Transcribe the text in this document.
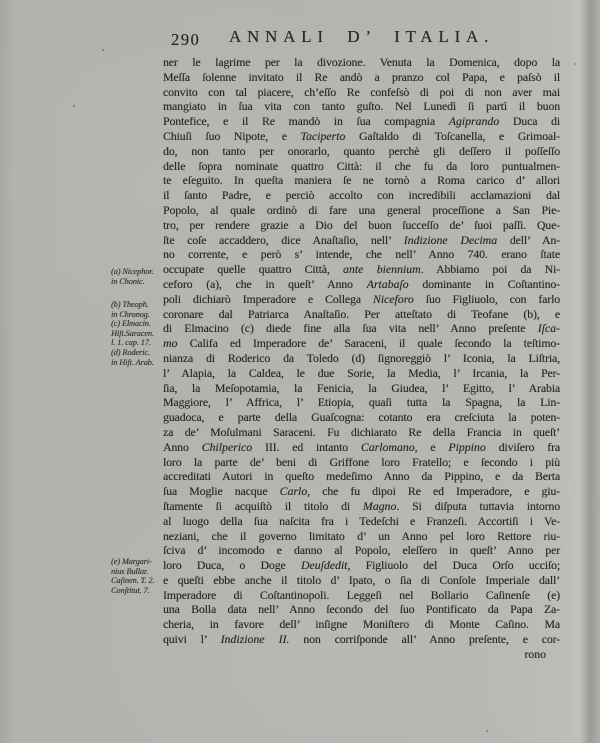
290	ANNALI D’ ITALIA.
(a) Nicephor.
in Chonic.
(b) Theoph.
in Chronog.
(c) Elmacin.
Hiſt.Saracen.
l. 1. cap. 17.
(d) Roderic.
in Hiſt. Arab.
(e) Margari-
nius Bullar.
Caſinen. T. 2.
Conſtitut. 7.
ner le lagrime per la divozione. Venuta la Domenica, dopo la
Meſſa ſolenne invitato il Re andò a pranzo col Papa, e paſsò il
convito con tal piacere, ch’eſſo Re confeſsò di poi di non aver mai
mangiato in ſua vita con tanto guſto. Nel Lunedì ſi partì il buon
Pontefice, e il Re mandò in ſua compagnia Agiprando Duca di
Chiuſi ſuo Nipote, e Taciperto Gaſtaldo di Toſcanella, e Grimoal-
do, non tanto per onorarlo, quanto perchè gli deſſero il poſſeſſo
delle ſopra nominate quattro Città: il che fu da loro puntualmen-
te eſeguito. In queſta maniera ſe ne tornò a Roma carico d’ allori
il ſanto Padre, e perciò accolto con incredibili acclamazioni dal
Popolo, al quale ordinò di fare una general proceſſione a San Pie-
tro, per rendere grazie a Dio del buon ſucceſſo de’ ſuoi paſſi. Que-
ſte coſe accaddero, dice Anaſtaſio, nell’ Indizione Decima dell’ An-
no corrente, e però s’ intende, che nell’ Anno 740. erano ſtate
occupate quelle quattro Città, ante biennium. Abbiamo poi da Ni-
ceforo (a), che in queſt’ Anno Artabaſo dominante in Coſtantino-
poli dichiarò Imperadore e Collega Niceforo ſuo Figliuolo, con farlo
coronare dal Patriarca Anaſtaſio. Per atteſtato di Teofane (b), e
di Elmacino (c) diede fine alla ſua vita nell’ Anno preſente Iſca-
mo Califa ed Imperadore de’ Saraceni, il quale ſecondo la teſtimo-
nianza di Roderico da Toledo (d) ſignoreggiò l’ Iconia, la Liſtria,
l’ Alapia, la Caldea, le due Sorie, la Media, l’ Ircania, la Per-
ſia, la Meſopotamia, la Fenicia, la Giudea, l’ Egitto, l’ Arabia
Maggiore, l’ Affrica, l’ Etiopia, quaſi tutta la Spagna, la Lin-
guadoca, e parte della Guaſcogna: cotanto era creſciuta la poten-
za de’ Moſulmani Saraceni. Fu dichiarato Re della Francia in queſt’
Anno Chilperico III. ed intanto Carlomano, e Pippino diviſero fra
loro la parte de’ beni di Griffone loro Fratello; e ſecondo i più
accreditati Autori in queſto medeſimo Anno da Pippino, e da Berta
ſua Moglie nacque Carlo, che fu dipoi Re ed Imperadore, e giu-
ſtamente ſi acquiſtò il titolo di Magno. Si diſputa tuttavia intorno
al luogo della ſua naſcita fra i Tedeſchi e Franzeſi. Accortiſi i Ve-
neziani, che il governo limitato d’ un Anno pel loro Rettore riu-
ſciva d’ incomodo e danno al Popolo, eleſſero in queſt’ Anno per
loro Duca, o Doge Deuſdedit, Figliuolo del Duca Orſo ucciſo;
e queſti ebbe anche il titolo d’ Ipato, o ſia di Conſole Imperiale dall’
Imperadore di Coſtantinopoli. Leggeſi nel Bollario Caſinenſe (e)
una Bolla data nell’ Anno ſecondo del ſuo Pontificato da Papa Za-
cheria, in favore dell’ inſigne Moniſtero di Monte Caſino. Ma
quivi l’ Indizione II. non corriſponde all’ Anno preſente, e cor-
rono
